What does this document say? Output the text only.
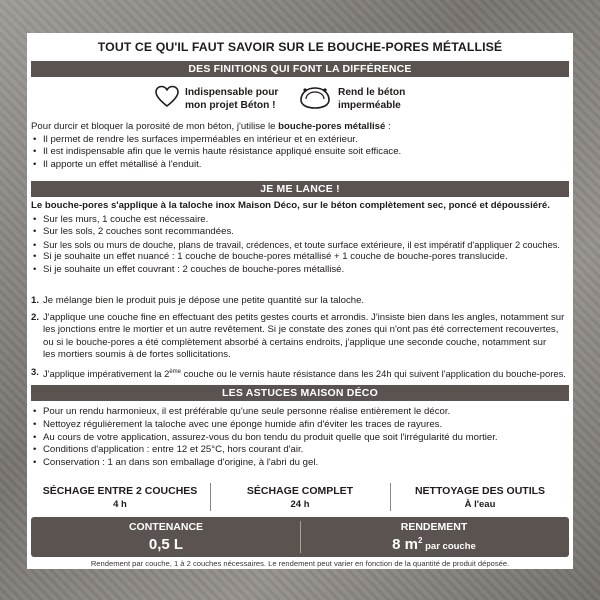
TOUT CE QU'IL FAUT SAVOIR SUR LE BOUCHE-PORES MÉTALLISÉ
DES FINITIONS QUI FONT LA DIFFÉRENCE
Indispensable pour
mon projet Béton !
Rend le béton
imperméable
Pour durcir et bloquer la porosité de mon béton, j'utilise le bouche-pores métallisé :
• Il permet de rendre les surfaces imperméables en intérieur et en extérieur.
• Il est indispensable afin que le vernis haute résistance appliqué ensuite soit efficace.
• Il apporte un effet métallisé à l'enduit.
JE ME LANCE !
Le bouche-pores s'applique à la taloche inox Maison Déco, sur le béton complètement sec, poncé et dépoussiéré.
• Sur les murs, 1 couche est nécessaire.
• Sur les sols, 2 couches sont recommandées.
• Sur les sols ou murs de douche, plans de travail, crédences, et toute surface extérieure, il est impératif d'appliquer 2 couches.
• Si je souhaite un effet nuancé : 1 couche de bouche-pores métallisé + 1 couche de bouche-pores translucide.
• Si je souhaite un effet couvrant : 2 couches de bouche-pores métallisé.
1. Je mélange bien le produit puis je dépose une petite quantité sur la taloche.
2. J'applique une couche fine en effectuant des petits gestes courts et arrondis. J'insiste bien dans les angles, notamment sur
les jonctions entre le mortier et un autre revêtement. Si je constate des zones qui n'ont pas été correctement recouvertes,
ou si le bouche-pores a été complètement absorbé à certains endroits, j'applique une seconde couche, notamment sur
les mortiers soumis à de fortes sollicitations.
3. J'applique impérativement la 2ème couche ou le vernis haute résistance dans les 24h qui suivent l'application du bouche-pores.
LES ASTUCES MAISON DÉCO
• Pour un rendu harmonieux, il est préférable qu'une seule personne réalise entièrement le décor.
• Nettoyez régulièrement la taloche avec une éponge humide afin d'éviter les traces de rayures.
• Au cours de votre application, assurez-vous du bon tendu du produit quelle que soit l'irrégularité du mortier.
• Conditions d'application : entre 12 et 25°C, hors courant d'air.
• Conservation : 1 an dans son emballage d'origine, à l'abri du gel.
SÉCHAGE ENTRE 2 COUCHES
4 h
SÉCHAGE COMPLET
24 h
NETTOYAGE DES OUTILS
À l'eau
CONTENANCE
0,5 L
RENDEMENT
8 $m^2$ par couche
Rendement par couche, 1 à 2 couches nécessaires. Le rendement peut varier en fonction de la quantité de produit déposée.
